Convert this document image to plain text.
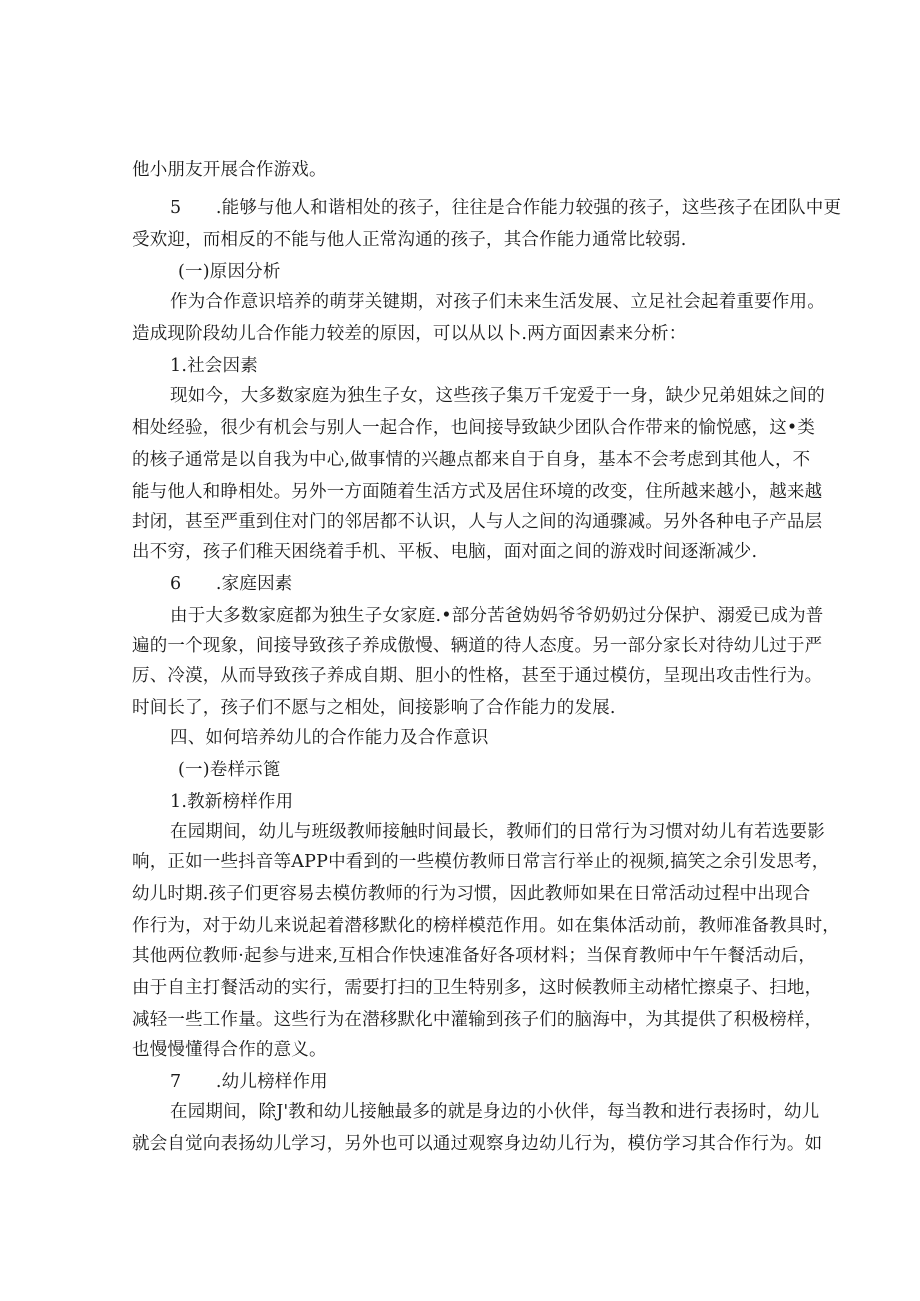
他小朋友开展合作游戏。
5      .能够与他人和谐相处的孩子，往往是合作能力较强的孩子，这些孩子在团队中更
受欢迎，而相反的不能与他人正常沟通的孩子，其合作能力通常比较弱.
(一)原因分析
作为合作意识培养的萌芽关键期，对孩子们未来生活发展、立足社会起着重要作用。
造成现阶段幼儿合作能力较差的原因，可以从以卜.两方面因素来分析：
1.社会因素
现如今，大多数家庭为独生子女，这些孩子集万千宠爱于一身，缺少兄弟姐妹之间的
相处经验，很少有机会与别人一起合作，也间接导致缺少团队合作带来的愉悦感，这•类
的核子通常是以自我为中心,做事情的兴趣点都来自于自身，基本不会考虑到其他人，不
能与他人和睁相处。另外一方面随着生活方式及居住环境的改变，住所越来越小，越来越
封闭，甚至严重到住对门的邻居都不认识，人与人之间的沟通骤减。另外各种电子产品层
出不穷，孩子们稚天困绕着手机、平板、电脑，面对面之间的游戏时间逐渐减少.
6      .家庭因素
由于大多数家庭都为独生子女家庭.•部分苦爸妫妈爷爷奶奶过分保护、溺爱已成为普
遍的一个现象，间接导致孩子养成傲慢、辆道的待人态度。另一部分家长对待幼儿过于严
厉、冷漠，从而导致孩子养成自期、胆小的性格，甚至于通过模仿，呈现出攻击性行为。
时间长了，孩子们不愿与之相处，间接影响了合作能力的发展.
四、如何培养幼儿的合作能力及合作意识
(一)卷样示篦
1.教新榜样作用
在园期间，幼儿与班级教师接触时间最长，教师们的日常行为习惯对幼儿有若选要影
响，正如一些抖音等APP中看到的一些模仿教师日常言行举止的视频,搞笑之余引发思考，
幼儿时期.孩子们更容易去模仿教师的行为习惯，因此教师如果在日常活动过程中出现合
作行为，对于幼儿来说起着潜移默化的榜样模范作用。如在集体活动前，教师准备教具时，
其他两位教师·起参与进来,互相合作快速准备好各项材料；当保育教师中午午餐活动后，
由于自主打餐活动的实行，需要打扫的卫生特别多，这时候教师主动楮忙擦桌子、扫地，
减轻一些工作量。这些行为在潜移默化中灌输到孩子们的脑海中，为其提供了积极榜样，
也慢慢懂得合作的意义。
7      .幼儿榜样作用
在园期间，除J'教和幼儿接触最多的就是身边的小伙伴，每当教和进行表扬时，幼儿
就会自觉向表扬幼儿学习，另外也可以通过观察身边幼儿行为，模仿学习其合作行为。如
